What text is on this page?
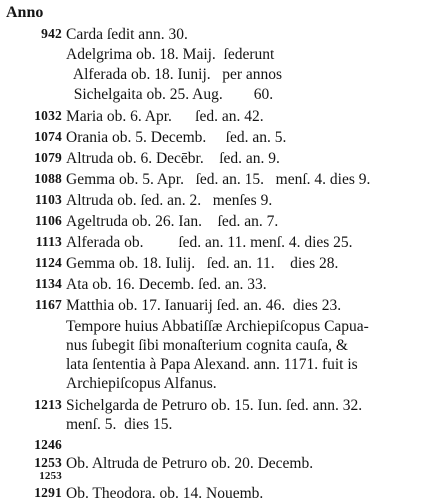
Anno
942 Carda ſedit ann. 30.
Adelgrima ob. 18. Maij.  ſederunt
Alferada ob. 18. Iunij.   per annos
Sichelgaita ob. 25. Aug.        60.
1032 Maria ob. 6. Apr.      ſed. an. 42.
1074 Orania ob. 5. Decemb.     ſed. an. 5.
1079 Altruda ob. 6. Decēbr.    ſed. an. 9.
1088 Gemma ob. 5. Apr.   ſed. an. 15.   menſ. 4. dies 9.
1103 Altruda ob. ſed. an. 2.   menſes 9.
1106 Ageltruda ob. 26. Ian.    ſed. an. 7.
1113 Alferada ob.         ſed. an. 11. menſ. 4. dies 25.
1124 Gemma ob. 18. Iulij.   ſed. an. 11.    dies 28.
1134 Ata ob. 16. Decemb. ſed. an. 33.
1167 Matthia ob. 17. Ianuarij ſed. an. 46.  dies 23.
Tempore huius Abbatiſſæ Archiepiſcopus Capua-
nus ſubegit ſibi monaſterium cognita cauſa, &
lata ſententia à Papa Alexand. ann. 1171. fuit is
Archiepiſcopus Alfanus.
1213 Sichelgarda de Petruro ob. 15. Iun. ſed. ann. 32.
menſ. 5.  dies 15.
1246
1253 Ob. Altruda de Petruro ob. 20. Decemb.
1253
1291 Ob. Theodora. ob. 14. Nouemb.
